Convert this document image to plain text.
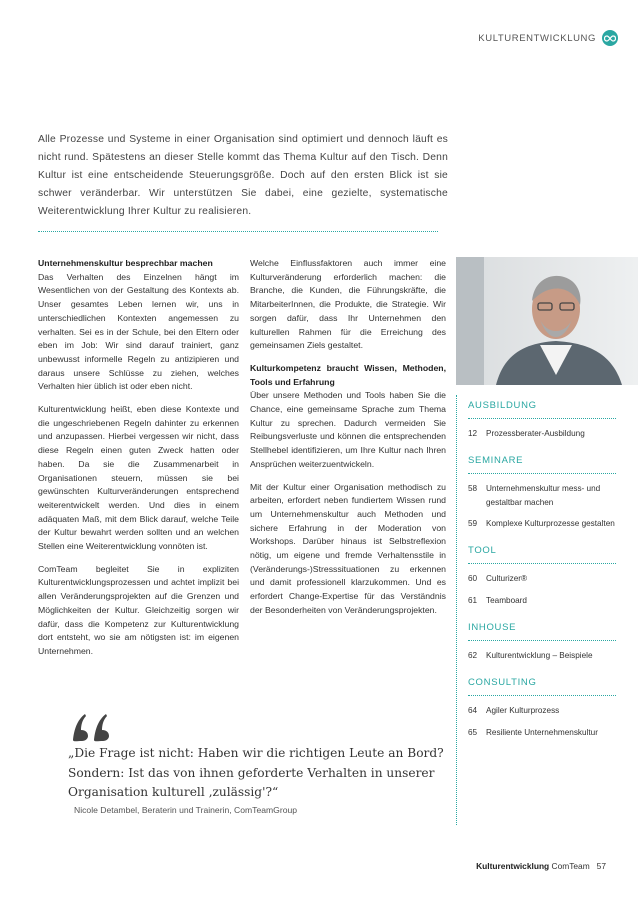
KULTURENTWICKLUNG
Alle Prozesse und Systeme in einer Organisation sind optimiert und dennoch läuft es nicht rund. Spätestens an dieser Stelle kommt das Thema Kultur auf den Tisch. Denn Kultur ist eine entscheidende Steuerungsgröße. Doch auf den ersten Blick ist sie schwer veränderbar. Wir unterstützen Sie dabei, eine gezielte, systematische Weiterentwicklung Ihrer Kultur zu realisieren.

Unternehmenskultur besprechbar machen
Das Verhalten des Einzelnen hängt im Wesentlichen von der Gestaltung des Kontexts ab. Unser gesamtes Leben lernen wir, uns in unterschiedlichen Kontexten angemessen zu verhalten. Sei es in der Schule, bei den Eltern oder eben im Job: Wir sind darauf trainiert, ganz unbewusst informelle Regeln zu antizipieren und daraus unsere Schlüsse zu ziehen, welches Verhalten hier üblich ist oder eben nicht.

Kulturentwicklung heißt, eben diese Kontexte und die ungeschriebenen Regeln dahinter zu erkennen und anzupassen. Hierbei vergessen wir nicht, dass diese Regeln einen guten Zweck hatten oder haben. Da sie die Zusammenarbeit in Organisationen steuern, müssen sie bei gewünschten Kulturveränderungen entsprechend weiterentwickelt werden. Und dies in einem adäquaten Maß, mit dem Blick darauf, welche Teile der Kultur bewahrt werden sollten und an welchen Stellen eine Weiterentwicklung vonnöten ist.

ComTeam begleitet Sie in expliziten Kulturentwicklungsprozessen und achtet implizit bei allen Veränderungsprojekten auf die Grenzen und Möglichkeiten der Kultur. Gleichzeitig sorgen wir dafür, dass die Kompetenz zur Kulturentwicklung dort entsteht, wo sie am nötigsten ist: im eigenen Unternehmen.

Welche Einflussfaktoren auch immer eine Kulturveränderung erforderlich machen: die Branche, die Kunden, die Führungskräfte, die MitarbeiterInnen, die Produkte, die Strategie. Wir sorgen dafür, dass Ihr Unternehmen den kulturellen Rahmen für die Erreichung des gemeinsamen Ziels gestaltet.

Kulturkompetenz braucht Wissen, Methoden, Tools und Erfahrung
Über unsere Methoden und Tools haben Sie die Chance, eine gemeinsame Sprache zum Thema Kultur zu sprechen. Dadurch vermeiden Sie Reibungsverluste und können die entsprechenden Stellhebel identifizieren, um Ihre Kultur nach Ihren Ansprüchen weiterzuentwickeln.

Mit der Kultur einer Organisation methodisch zu arbeiten, erfordert neben fundiertem Wissen rund um Unternehmenskultur auch Methoden und sichere Erfahrung in der Moderation von Workshops. Darüber hinaus ist Selbstreflexion nötig, um eigene und fremde Verhaltensstile in (Veränderungs-)Stresssituationen zu erkennen und damit professionell klarzukommen. Und es erfordert Change-Expertise für das Verständnis der Besonderheiten von Veränderungsprojekten.

AUSBILDUNG
12	Prozessberater-Ausbildung
SEMINARE
58	Unternehmenskultur mess- und gestaltbar machen
59	Komplexe Kulturprozesse gestalten
TOOL
60	Culturizer®
61	Teamboard
INHOUSE
62	Kulturentwicklung – Beispiele
CONSULTING
64	Agiler Kulturprozess
65	Resiliente Unternehmenskultur
„Die Frage ist nicht: Haben wir die richtigen Leute an Bord? Sondern: Ist das von ihnen geforderte Verhalten in unserer Organisation kulturell ‚zulässig'?“
Nicole Detambel, Beraterin und Trainerin, ComTeamGroup
Kulturentwicklung ComTeam 57
